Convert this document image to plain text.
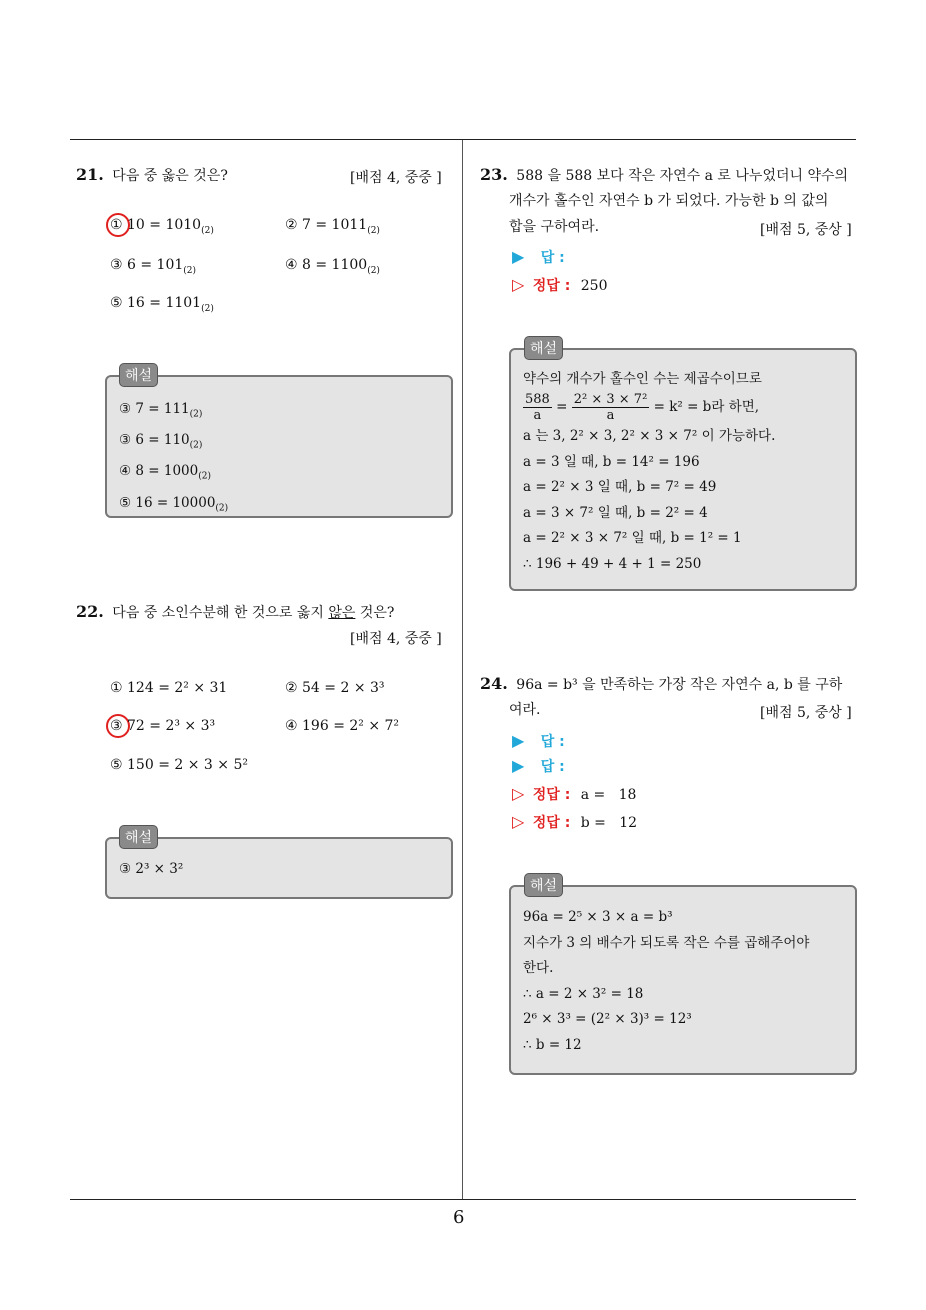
21. 다음 중 옳은 것은?	[배점 4, 중중 ]
① $10 = 1010_{(2)}$	② $7 = 1011_{(2)}$
③ $6 = 101_{(2)}$	④ $8 = 1100_{(2)}$
⑤ $16 = 1101_{(2)}$
③ $7 = 111_{(2)}$
③ $6 = 110_{(2)}$
④ $8 = 1000_{(2)}$
⑤ $16 = 10000_{(2)}$
해설
22. 다음 중 소인수분해 한 것으로 옳지 않은 것은?
[배점 4, 중중 ]
① 124 = 2² × 31	② 54 = 2 × 3³
③ 72 = 2³ × 3³	④ 196 = 2² × 7²
⑤ 150 = 2 × 3 × 5²
③ 2³ × 3²
해설
23. 588 을 588 보다 작은 자연수 a 로 나누었더니 약수의
개수가 홀수인 자연수 b 가 되었다. 가능한 b 의 값의
합을 구하여라.	[배점 5, 중상 ]
▶ 답 :
▷ 정답 : 250
약수의 개수가 홀수인 수는 제곱수이므로
$\frac{588}{a} = \frac{\text{2² × 3 × 7²}}{a} = k^2 = b$라 하면,
a 는 3, 2² × 3, 2² × 3 × 7² 이 가능하다.
a = 3 일 때, b = 14² = 196
a = 2² × 3 일 때, b = 7² = 49
a = 3 × 7² 일 때, b = 2² = 4
a = 2² × 3 × 7² 일 때, b = 1² = 1
∴ 196 + 49 + 4 + 1 = 250
해설
24. 96a = b³ 을 만족하는 가장 작은 자연수 a, b 를 구하
여라.	[배점 5, 중상 ]
▶ 답 :
▶ 답 :
▷ 정답 : a =   18
▷ 정답 : b =   12
96a = 2⁵ × 3 × a = b³
지수가 3 의 배수가 되도록 작은 수를 곱해주어야
한다.
∴ a = 2 × 3² = 18
2⁶ × 3³ = (2² × 3)³ = 12³
∴ b = 12
해설
6
